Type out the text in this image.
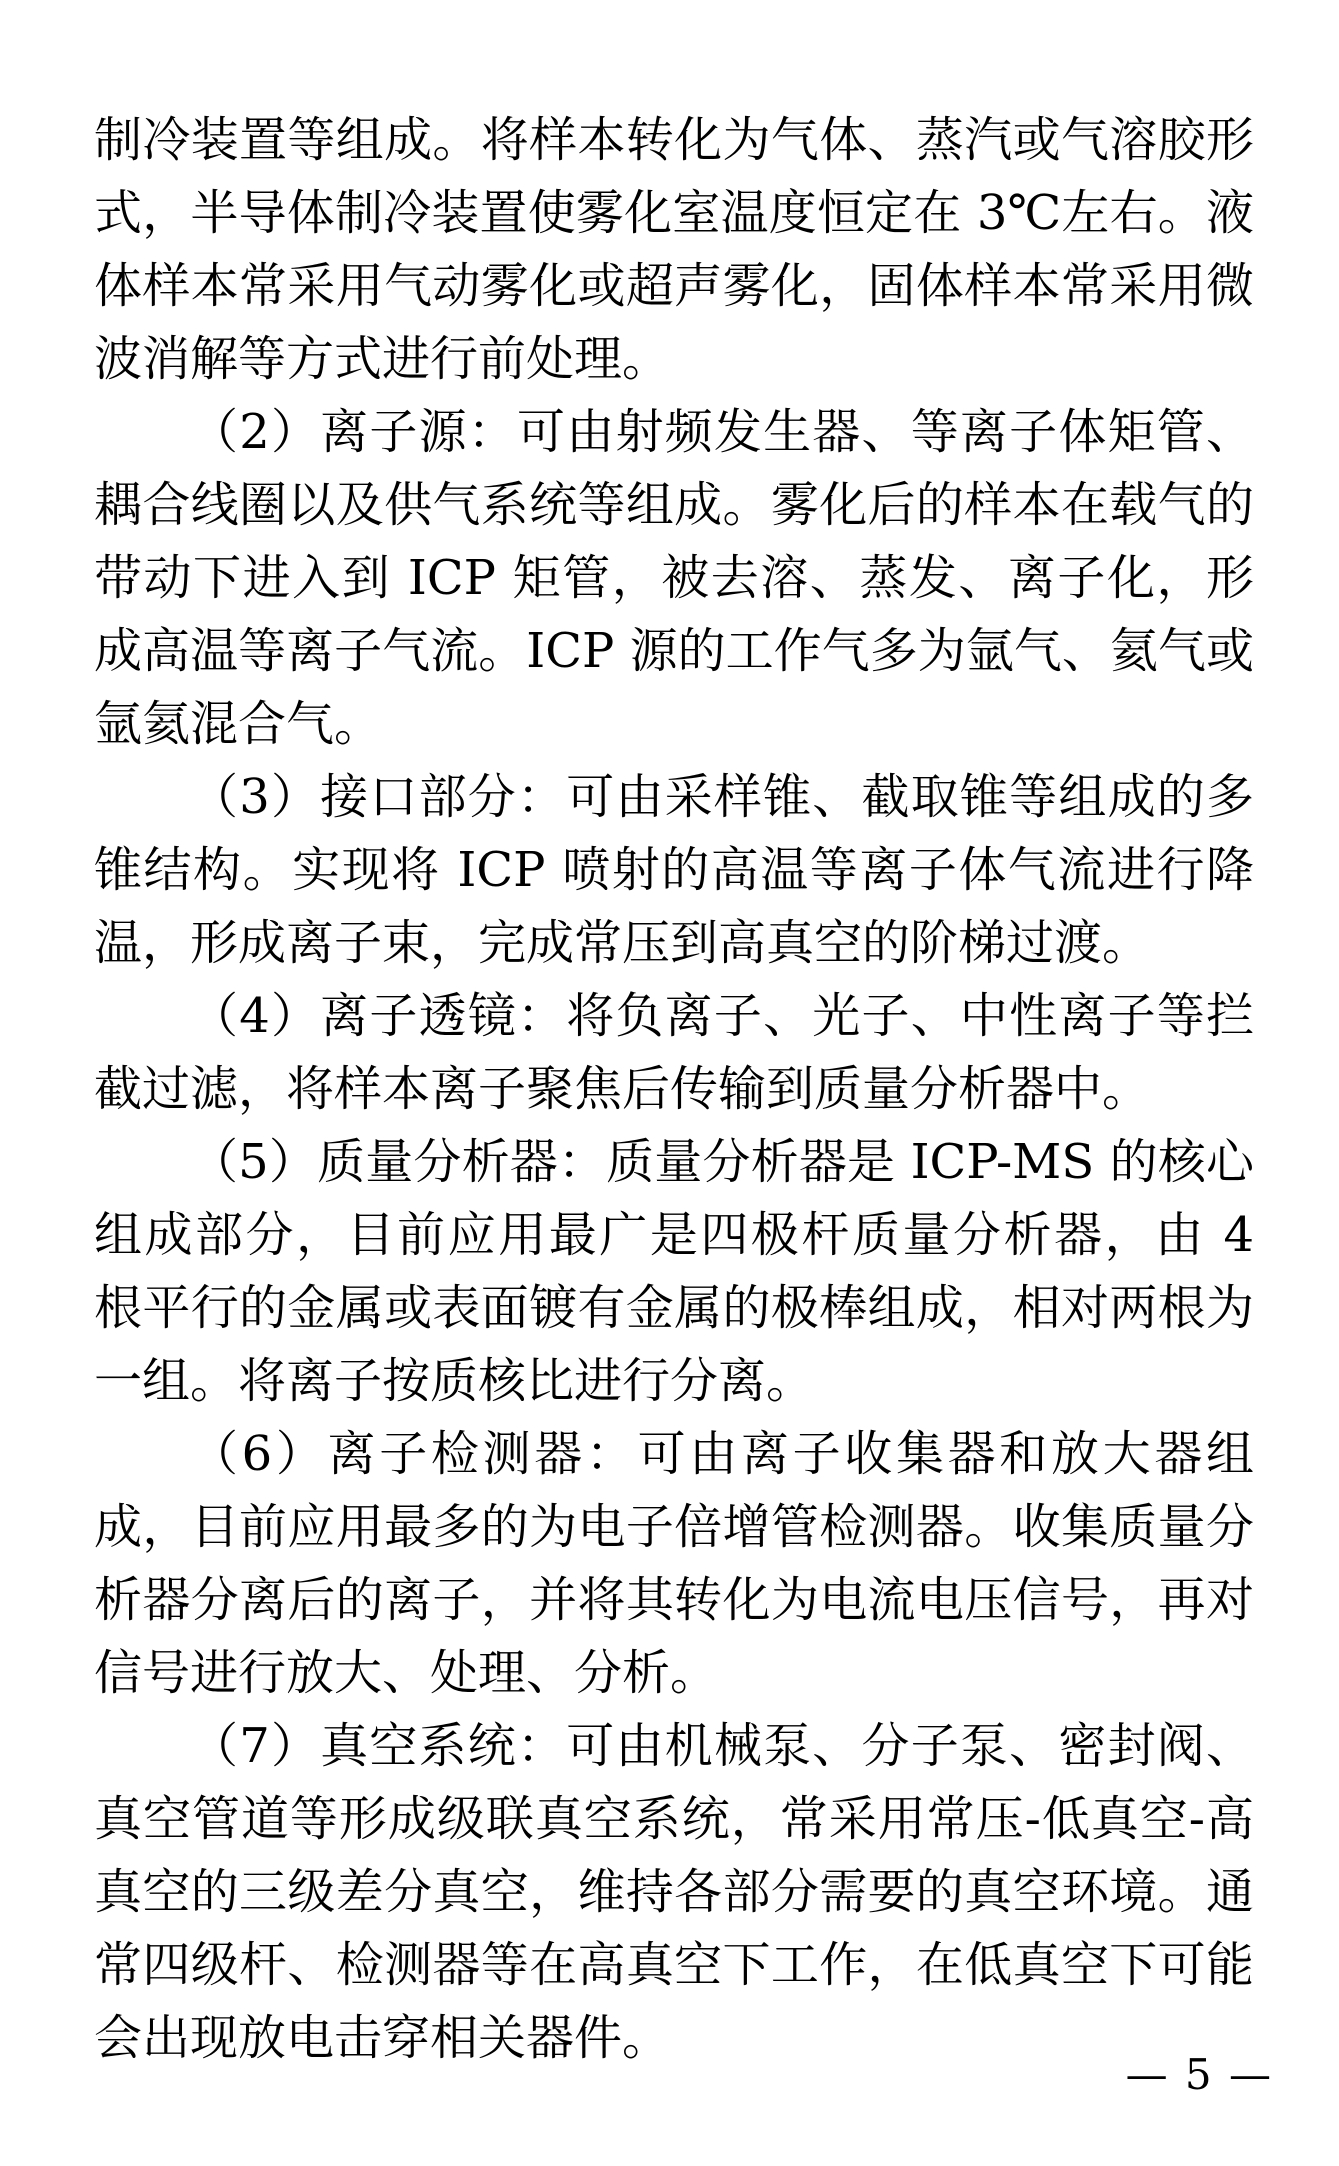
制冷装置等组成。将样本转化为气体、蒸汽或气溶胶形式，半导体制冷装置使雾化室温度恒定在 3℃左右。液体样本常采用气动雾化或超声雾化，固体样本常采用微波消解等方式进行前处理。

（2）离子源：可由射频发生器、等离子体矩管、耦合线圈以及供气系统等组成。雾化后的样本在载气的带动下进入到 ICP 矩管，被去溶、蒸发、离子化，形成高温等离子气流。ICP 源的工作气多为氩气、氦气或氩氦混合气。

（3）接口部分：可由采样锥、截取锥等组成的多锥结构。实现将 ICP 喷射的高温等离子体气流进行降温，形成离子束，完成常压到高真空的阶梯过渡。

（4）离子透镜：将负离子、光子、中性离子等拦截过滤，将样本离子聚焦后传输到质量分析器中。

（5）质量分析器：质量分析器是 ICP-MS 的核心组成部分，目前应用最广是四极杆质量分析器，由 4 根平行的金属或表面镀有金属的极棒组成，相对两根为一组。将离子按质核比进行分离。

（6）离子检测器：可由离子收集器和放大器组成，目前应用最多的为电子倍增管检测器。收集质量分析器分离后的离子，并将其转化为电流电压信号，再对信号进行放大、处理、分析。

（7）真空系统：可由机械泵、分子泵、密封阀、真空管道等形成级联真空系统，常采用常压-低真空-高真空的三级差分真空，维持各部分需要的真空环境。通常四级杆、检测器等在高真空下工作，在低真空下可能会出现放电击穿相关器件。

— 5 —
